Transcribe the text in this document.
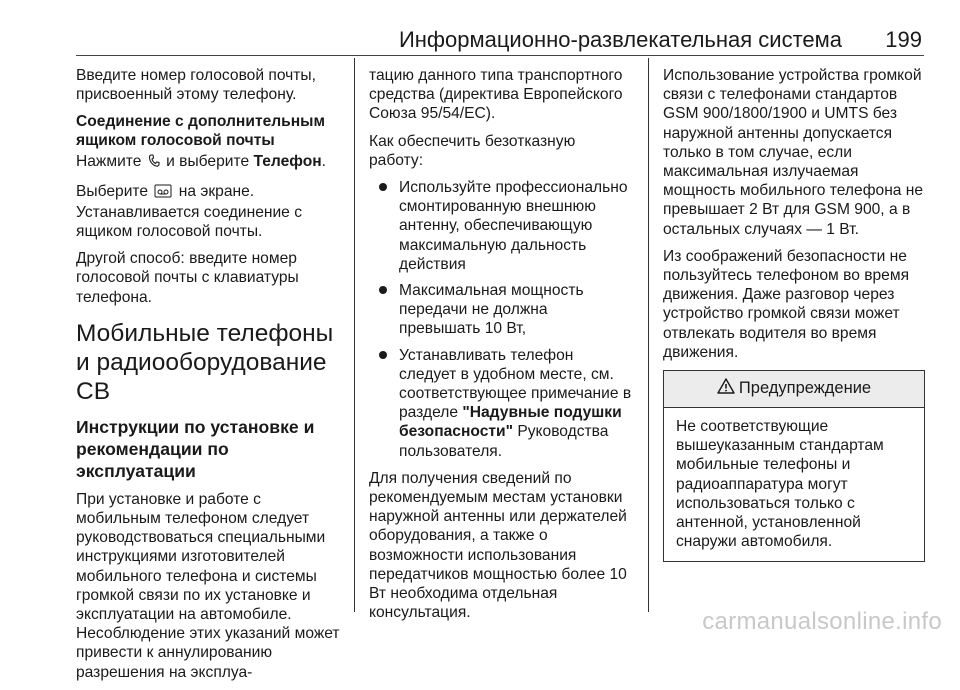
Информационно-развлекательная система 199

Введите номер голосовой почты, присвоенный этому телефону.

Соединение с дополнительным ящиком голосовой почты

Нажмите и выберите Телефон.

Выберите на экране. Устанавливается соединение с ящиком голосовой почты.

Другой способ: введите номер голосовой почты с клавиатуры телефона.

Мобильные телефоны и радиооборудование CB
Инструкции по установке и рекомендации по эксплуатации

При установке и работе с мобильным телефоном следует руководствоваться специальными инструкциями изготовителей мобильного телефона и системы громкой связи по их установке и эксплуатации на автомобиле. Несоблюдение этих указаний может привести к аннулированию разрешения на эксплуа-

тацию данного типа транспортного средства (директива Европейского Союза 95/54/ЕС).

Как обеспечить безотказную работу:

Используйте профессионально смонтированную внешнюю антенну, обеспечивающую максимальную дальность действия
Максимальная мощность передачи не должна превышать 10 Вт,
Устанавливать телефон следует в удобном месте, см. соответствующее примечание в разделе "Надувные подушки безопасности" Руководства пользователя.

Для получения сведений по рекомендуемым местам установки наружной антенны или держателей оборудования, а также о возможности использования передатчиков мощностью более 10 Вт необходима отдельная консультация.

Использование устройства громкой связи с телефонами стандартов GSM 900/1800/1900 и UMTS без наружной антенны допускается только в том случае, если максимальная излучаемая мощность мобильного телефона не превышает 2 Вт для GSM 900, а в остальных случаях — 1 Вт.

Из соображений безопасности не пользуйтесь телефоном во время движения. Даже разговор через устройство громкой связи может отвлекать водителя во время движения.

Предупреждение
Не соответствующие вышеуказанным стандартам мобильные телефоны и радиоаппаратура могут использоваться только с антенной, установленной снаружи автомобиля.
carmanualsonline.info
